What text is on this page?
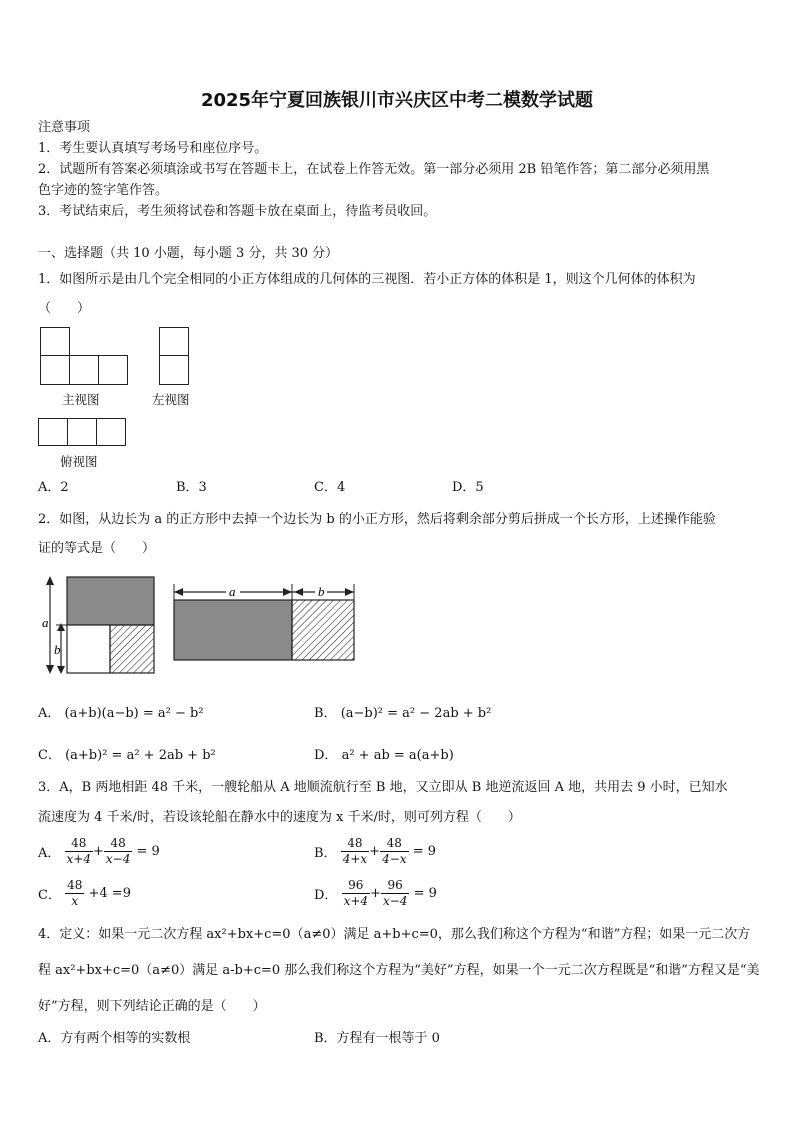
2025年宁夏回族银川市兴庆区中考二模数学试题
注意事项
1．考生要认真填写考场号和座位序号。
2．试题所有答案必须填涂或书写在答题卡上，在试卷上作答无效。第一部分必须用 2B 铅笔作答；第二部分必须用黑
色字迹的签字笔作答。
3．考试结束后，考生须将试卷和答题卡放在桌面上，待监考员收回。
一、选择题（共 10 小题，每小题 3 分，共 30 分）
1．如图所示是由几个完全相同的小正方体组成的几何体的三视图．若小正方体的体积是 1，则这个几何体的体积为
（　　）
主视图	左视图
俯视图
A．2	B．3	C．4	D．5
2．如图，从边长为 a 的正方形中去掉一个边长为 b 的小正方形，然后将剩余部分剪后拼成一个长方形，上述操作能验
证的等式是（　　）
a
b
a	b
A． (a+b)(a−b) = a² − b²	B． (a−b)² = a² − 2ab + b²
C． (a+b)² = a² + 2ab + b²	D． a² + ab = a(a+b)
3．A，B 两地相距 48 千米，一艘轮船从 A 地顺流航行至 B 地，又立即从 B 地逆流返回 A 地，共用去 9 小时，已知水
流速度为 4 千米/时，若设该轮船在静水中的速度为 x 千米/时，则可列方程（　　）
A． $\frac{48}{x+4} + \frac{48}{x-4} = 9$	B． $\frac{48}{4+x} + \frac{48}{4-x} = 9$
C． $\frac{48}{x} +4 =9$	D． $\frac{96}{x+4} + \frac{96}{x-4} = 9$
4．定义：如果一元二次方程 ax²+bx+c=0（a≠0）满足 a+b+c=0，那么我们称这个方程为“和谐”方程；如果一元二次方
程 ax²+bx+c=0（a≠0）满足 a-b+c=0 那么我们称这个方程为“美好”方程，如果一个一元二次方程既是“和谐”方程又是“美
好”方程，则下列结论正确的是（　　）
A．方有两个相等的实数根	B．方程有一根等于 0
